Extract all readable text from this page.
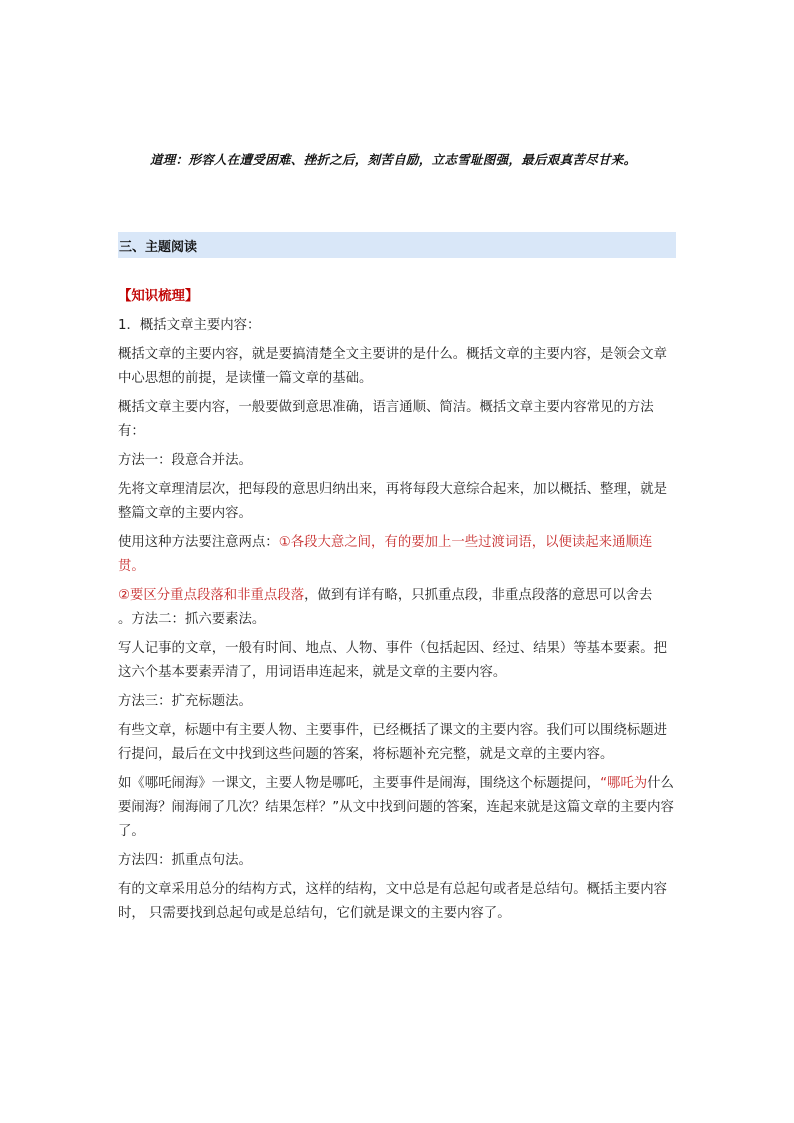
道理：形容人在遭受困难、挫折之后，刻苦自励，立志雪耻图强，最后艰真苦尽甘来。
三、主题阅读

【知识梳理】

1．概括文章主要内容：

概括文章的主要内容，就是要搞清楚全文主要讲的是什么。概括文章的主要内容，是领会文章中心思想的前提，是读懂一篇文章的基础。

概括文章主要内容，一般要做到意思准确，语言通顺、简洁。概括文章主要内容常见的方法有：

方法一：段意合并法。

先将文章理清层次，把每段的意思归纳出来，再将每段大意综合起来，加以概括、整理，就是整篇文章的主要内容。

使用这种方法要注意两点：①各段大意之间，有的要加上一些过渡词语，以便读起来通顺连贯。

②要区分重点段落和非重点段落，做到有详有略，只抓重点段，非重点段落的意思可以舍去
。方法二：抓六要素法。

写人记事的文章，一般有时间、地点、人物、事件（包括起因、经过、结果）等基本要素。把这六个基本要素弄清了，用词语串连起来，就是文章的主要内容。

方法三：扩充标题法。

有些文章，标题中有主要人物、主要事件，已经概括了课文的主要内容。我们可以围绕标题进行提问，最后在文中找到这些问题的答案，将标题补充完整，就是文章的主要内容。

如《哪吒闹海》一课文，主要人物是哪吒，主要事件是闹海，围绕这个标题提问，“哪吒为什么要闹海？闹海闹了几次？结果怎样？”从文中找到问题的答案，连起来就是这篇文章的主要内容了。

方法四：抓重点句法。

有的文章采用总分的结构方式，这样的结构，文中总是有总起句或者是总结句。概括主要内容时， 只需要找到总起句或是总结句，它们就是课文的主要内容了。
